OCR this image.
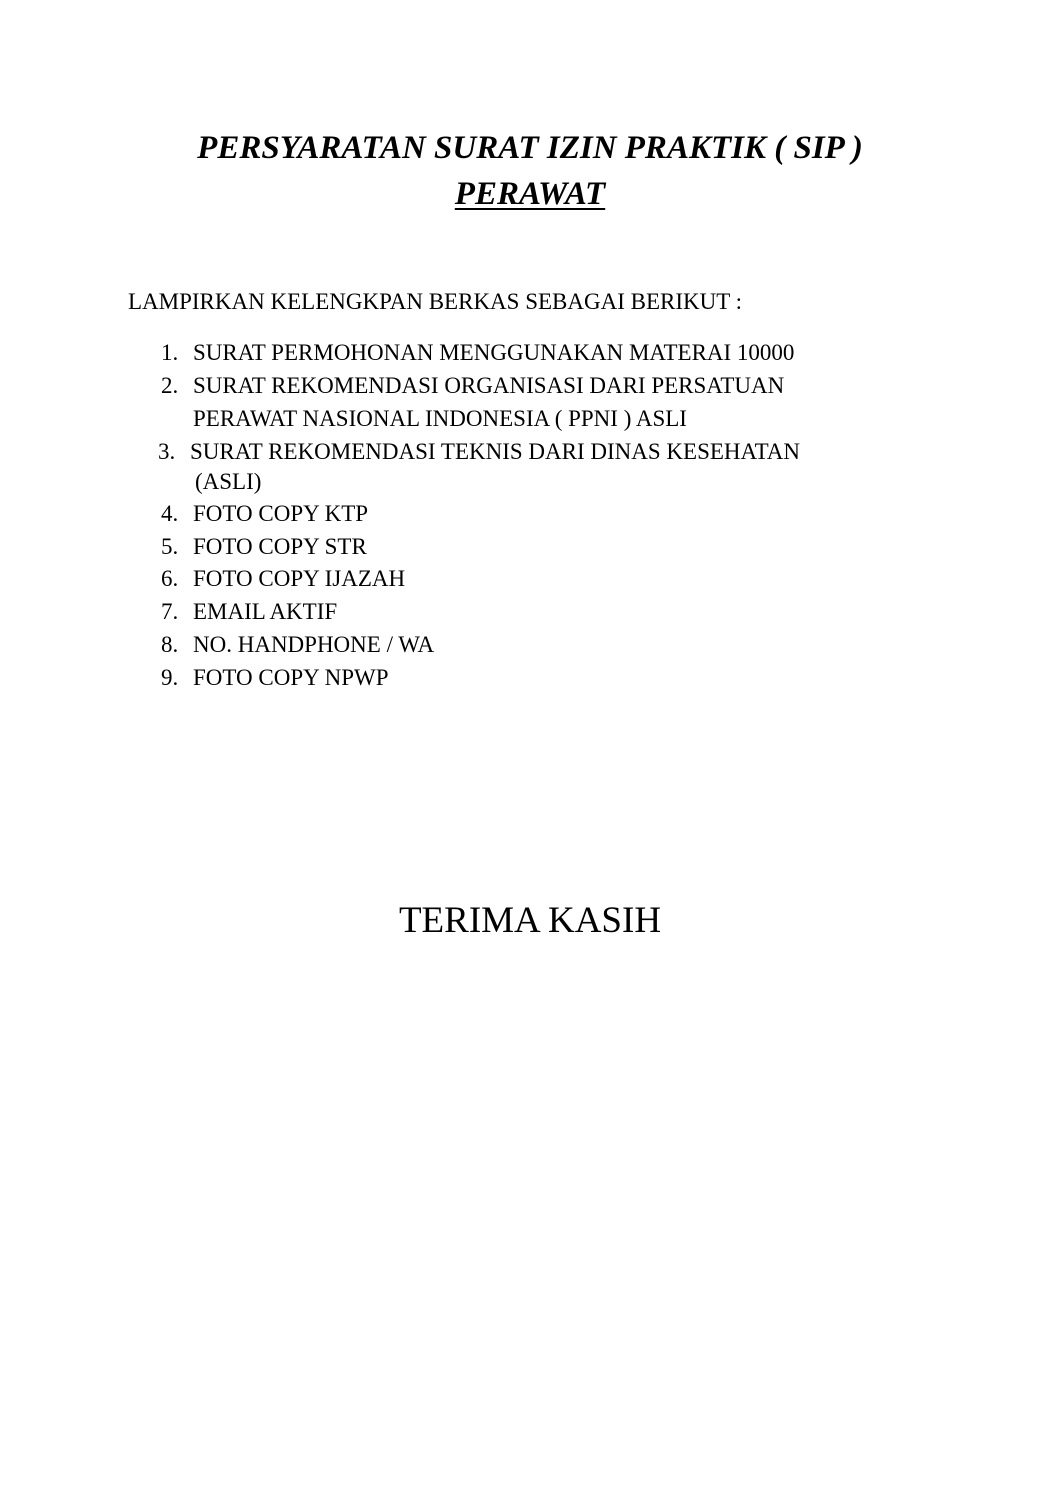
PERSYARATAN SURAT IZIN PRAKTIK ( SIP )
PERAWAT
LAMPIRKAN KELENGKPAN BERKAS SEBAGAI BERIKUT :
1. SURAT PERMOHONAN MENGGUNAKAN MATERAI 10000
2. SURAT REKOMENDASI ORGANISASI DARI PERSATUAN
PERAWAT NASIONAL INDONESIA ( PPNI ) ASLI
3. SURAT REKOMENDASI TEKNIS DARI DINAS KESEHATAN
(ASLI)
4. FOTO COPY KTP
5. FOTO COPY STR
6. FOTO COPY IJAZAH
7. EMAIL AKTIF
8. NO. HANDPHONE / WA
9. FOTO COPY NPWP
TERIMA KASIH
